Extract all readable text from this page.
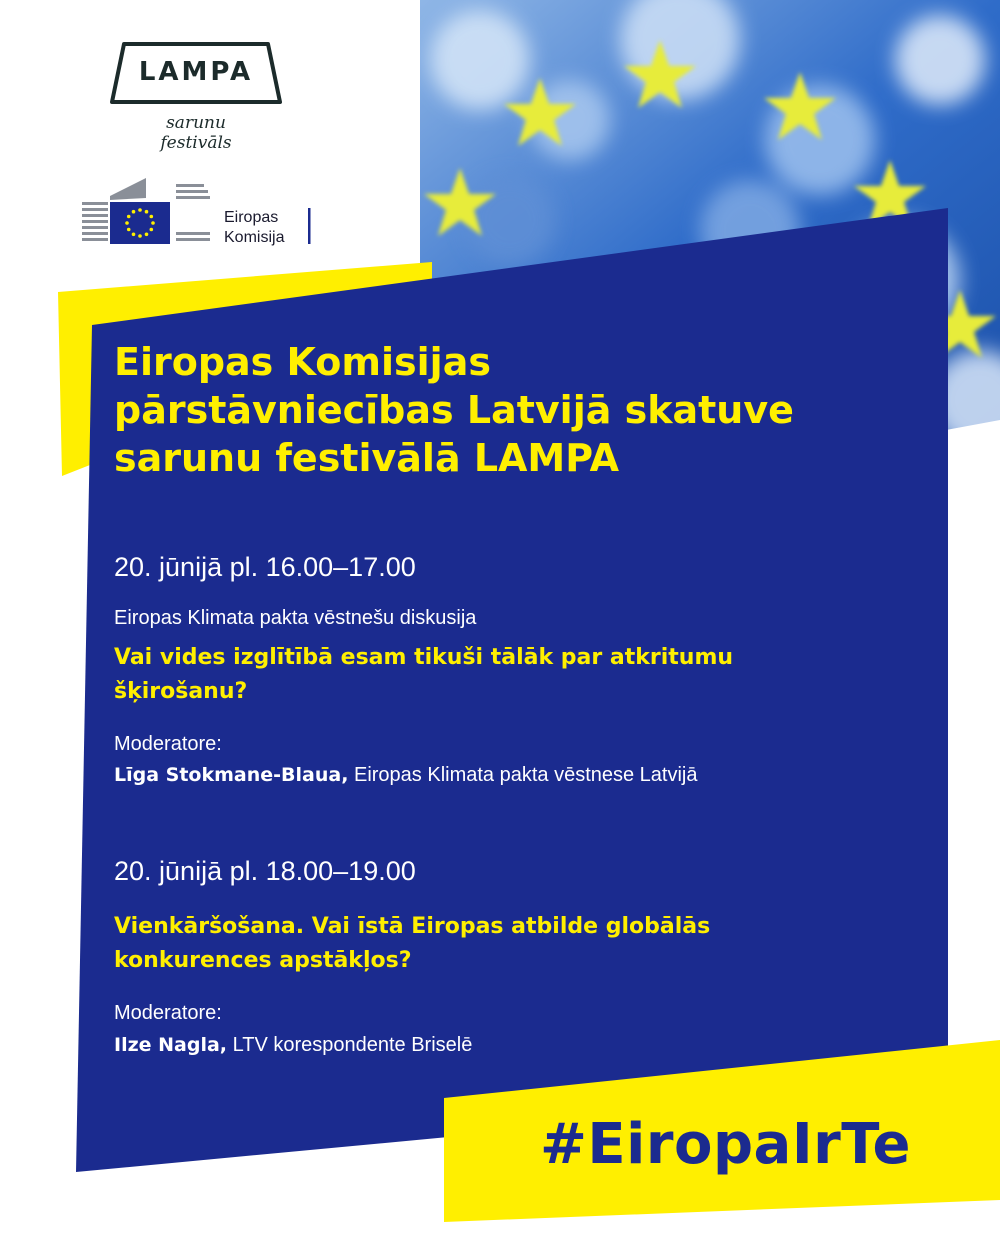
LAMPA
sarunu
festivāls
Eiropas
Komisija
Eiropas Komisijas
pārstāvniecības Latvijā skatuve
sarunu festivālā LAMPA
20. jūnijā pl. 16.00–17.00
Eiropas Klimata pakta vēstnešu diskusija
Vai vides izglītībā esam tikuši tālāk par atkritumu
šķirošanu?
Moderatore:
Līga Stokmane-Blaua, Eiropas Klimata pakta vēstnese Latvijā
20. jūnijā pl. 18.00–19.00
Vienkāršošana. Vai īstā Eiropas atbilde globālās
konkurences apstākļos?
Moderatore:
Ilze Nagla, LTV korespondente Briselē
#EiropaIrTe
